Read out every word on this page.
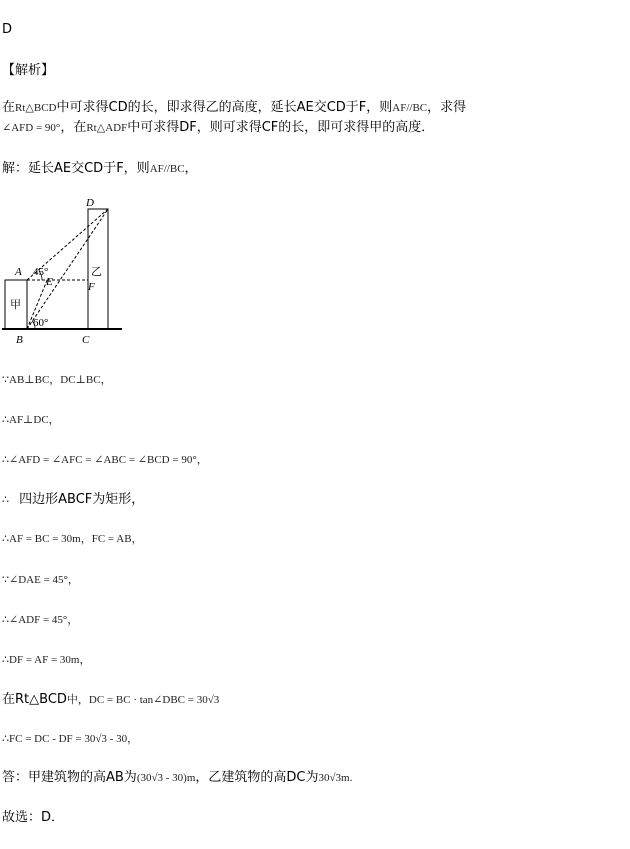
D
【解析】
在Rt△BCD中可求得CD的长，即求得乙的高度，延长AE交CD于F，则AF//BC，求得
∠AFD = 90°，在Rt△ADF中可求得DF，则可求得CF的长，即可求得甲的高度．
解：延长AE交CD于F，则AF//BC，
D
A
E	F
B	C
45°
60°
甲
乙
∵AB⊥BC，DC⊥BC，
∴AF⊥DC，
∴∠AFD = ∠AFC = ∠ABC = ∠BCD = 90°，
∴ 四边形ABCF为矩形，
∴AF = BC = 30m，FC = AB，
∵∠DAE = 45°，
∴∠ADF = 45°，
∴DF = AF = 30m，
在Rt△BCD中，DC = BC · tan∠DBC = 30√3
∴FC = DC - DF = 30√3 - 30，
答：甲建筑物的高AB为(30√3 - 30)m，乙建筑物的高DC为30√3m.
故选：D．
